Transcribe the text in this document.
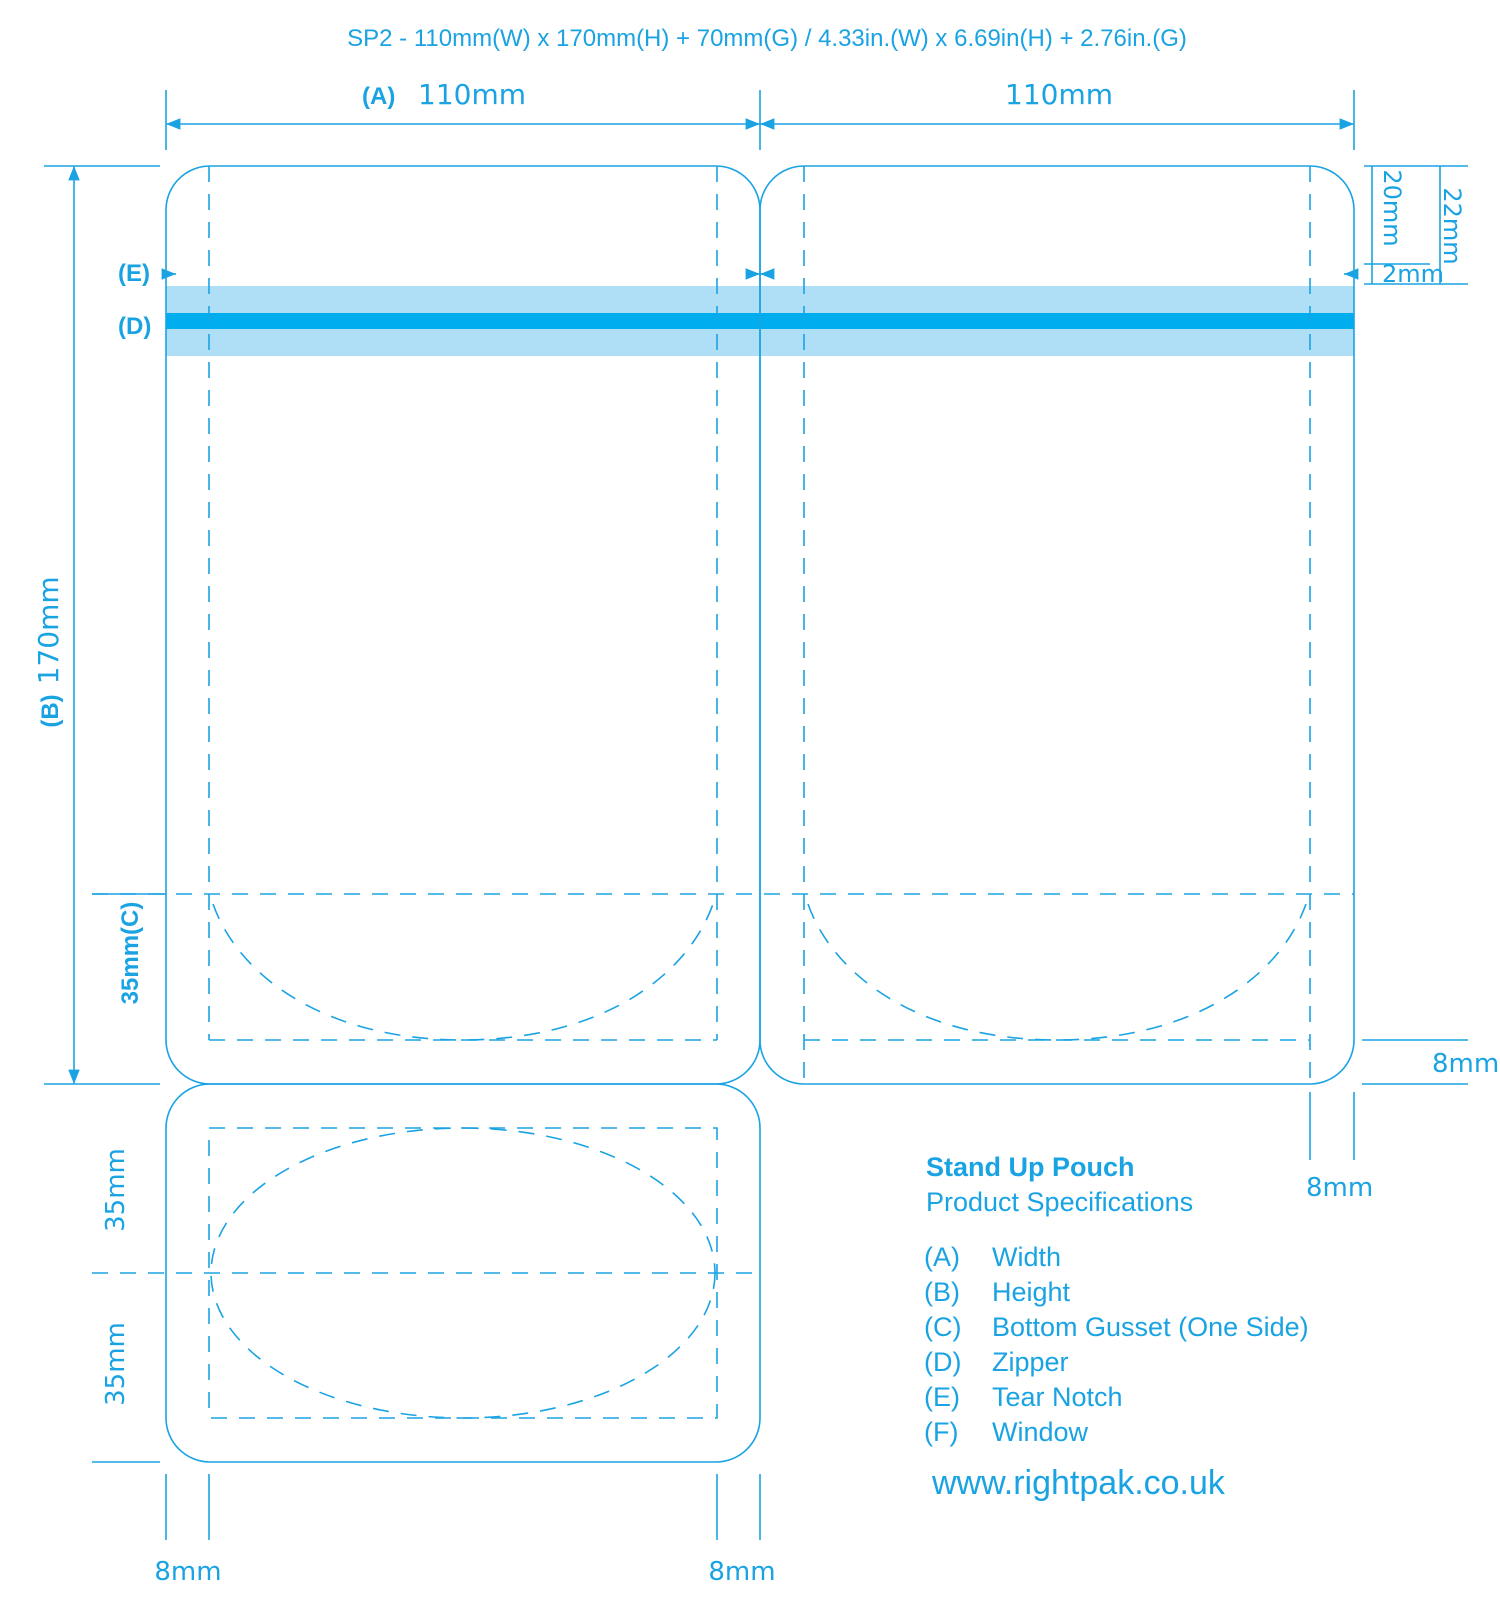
SP2 - 110mm(W) x 170mm(H) + 70mm(G) / 4.33in.(W) x 6.69in(H) + 2.76in.(G)
(A) 110mm	110mm
(B)170mm
35mm(C)
(E)
(D)
20mm 22mm
2mm
8mm
8mm
35mm
35mm
8mm	8mm
Stand Up Pouch
Product Specifications
(A) Width
(B) Height
(C) Bottom Gusset (One Side)
(D) Zipper
(E) Tear Notch
(F) Window
www.rightpak.co.uk
